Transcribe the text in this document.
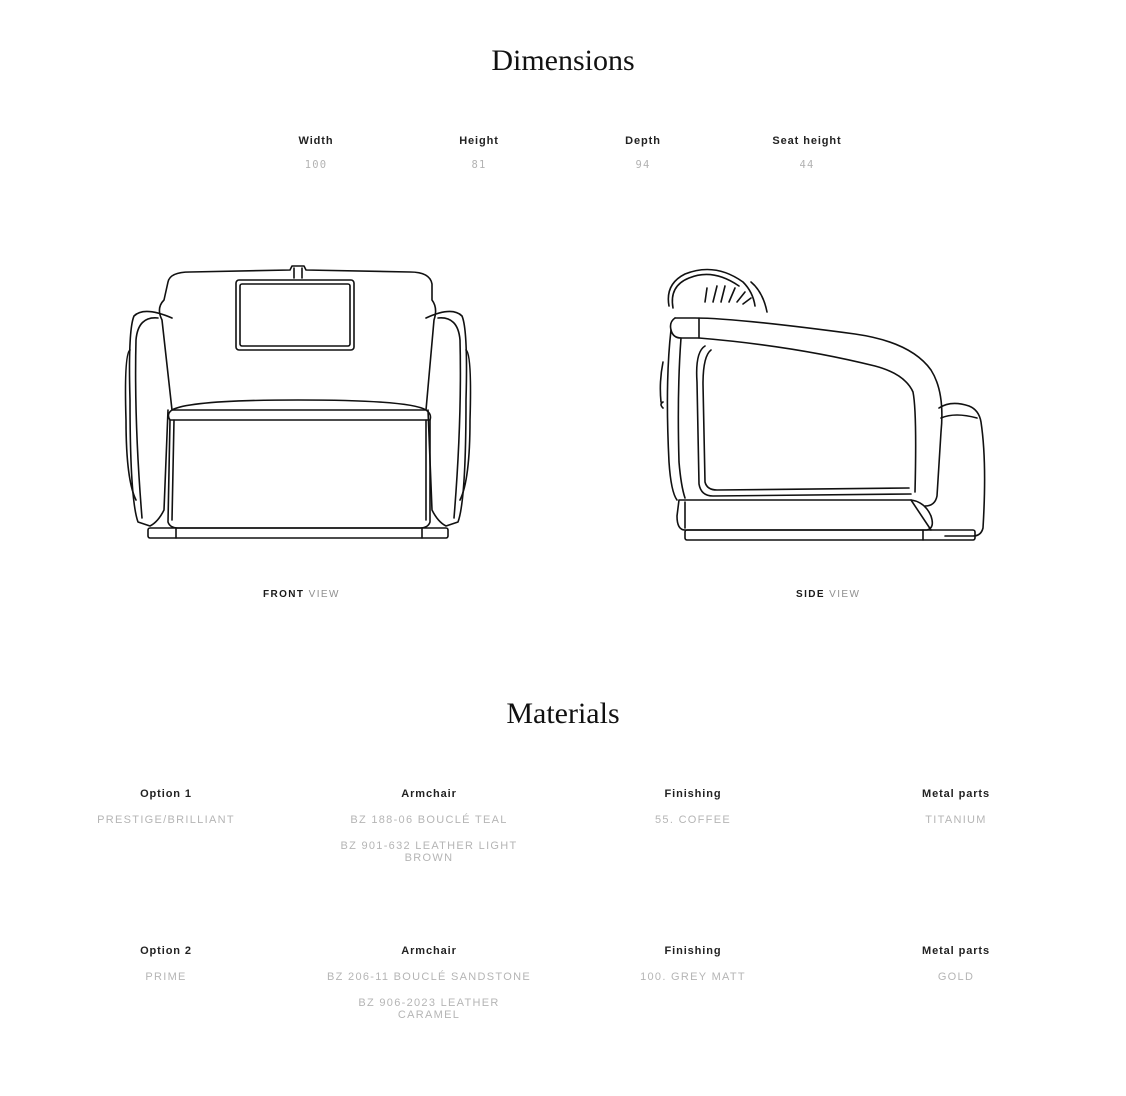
Dimensions
Width
100
Height
81
Depth
94
Seat height
44
FRONT VIEW	SIDE VIEW
Materials
Option 1
PRESTIGE/BRILLIANT
Armchair
BZ 188-06 BOUCLÉ TEAL
BZ 901-632 LEATHER LIGHT BROWN
Finishing
55. COFFEE
Metal parts
TITANIUM
Option 2
PRIME
Armchair
BZ 206-11 BOUCLÉ SANDSTONE
BZ 906-2023 LEATHER CARAMEL
Finishing
100. GREY MATT
Metal parts
GOLD
